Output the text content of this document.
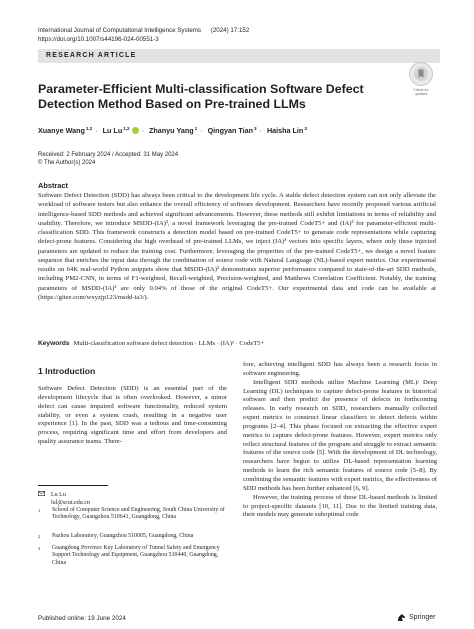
International Journal of Computational Intelligence Systems (2024) 17:152
https://doi.org/10.1007/s44196-024-00551-3
RESEARCH ARTICLE
Check for
updates
Parameter-Efficient Multi-classification Software Defect Detection Method Based on Pre-trained LLMs
Xuanye Wang$^{1,2}$ · Lu Lu$^{1,2}$ · Zhanyu Yang$^1$ · Qingyan Tian$^3$ · Haisha Lin$^3$
Received: 2 February 2024 / Accepted: 31 May 2024
© The Author(s) 2024
Abstract
Software Defect Detection (SDD) has always been critical to the development life cycle. A stable defect detection system can not only alleviate the workload of software testers but also enhance the overall efficiency of software development. Researchers have recently proposed various artificial intelligence-based SDD methods and achieved significant advancements. However, these methods still exhibit limitations in terms of reliability and usability. Therefore, we introduce MSDD-(IA)³, a novel framework leveraging the pre-trained CodeT5+ and (IA)³ for parameter-efficient multi-classification SDD. This framework constructs a detection model based on pre-trained CodeT5+ to generate code representations while capturing defect-prone features. Considering the high overhead of pre-trained LLMs, we inject (IA)³ vectors into specific layers, where only these injected parameters are updated to reduce the training cost. Furthermore, leveraging the properties of the pre-trained CodeT5+, we design a novel feature sequence that enriches the input data through the combination of source code with Natural Language (NL)-based expert metrics. Our experimental results on 64K real-world Python snippets show that MSDD-(IA)³ demonstrates superior performance compared to state-of-the-art SDD methods, including PM2-CNN, in terms of F1-weighted, Recall-weighted, Precision-weighted, and Matthews Correlation Coefficient. Notably, the training parameters of MSDD-(IA)³ are only 0.04% of those of the original CodeT5+. Our experimental data and code can be available at (https://gitee.com/wxyzjp123/msdd-ia3/).
Keywords Multi-classification software defect detection · LLMs · (IA)³ · CodeT5+
1 Introduction

Software Defect Detection (SDD) is an essential part of the development lifecycle that is often overlooked. However, a minor defect can cause impaired software functionality, reduced system stability, or even a system crash, resulting in a negative user experience [1]. In the past, SDD was a tedious and time-consuming process, requiring significant time and effort from developers and quality assurance teams. There-

fore, achieving intelligent SDD has always been a research focus in software engineering.

Intelligent SDD methods utilize Machine Learning (ML)/ Deep Learning (DL) techniques to capture defect-prone features in historical software and then predict the presence of defects in forthcoming releases. In early research on SDD, researchers manually collected expert metrics to construct linear classifiers to detect defects within programs [2–4]. This phase focused on extracting the effective expert metrics to capture defect-prone features. However, expert metrics only reflect structural features of the program and struggle to extract semantic features of the source code [5]. With the development of DL technology, researchers have begun to utilize DL-based representation learning methods to learn the rich semantic features of source code [5–8]. By combining the semantic features with expert metrics, the effectiveness of SDD methods has been further enhanced [6, 9].

However, the training process of these DL-based methods is limited to project-specific datasets [10, 11]. Due to the limited training data, their models may generate suboptimal code

Lu Lu
lul@scut.edu.cn
1	School of Computer Science and Engineering, South China University of Technology, Guangzhou 510641, Guangdong, China
2	Pazhou Laboratory, Guangzhou 510005, Guangdong, China
3	Guangdong Province Key Laboratory of Tunnel Safety and Emergency Support Technology and Equipment, Guangzhou 510440, Guangdong, China
Published online: 19 June 2024	Springer
